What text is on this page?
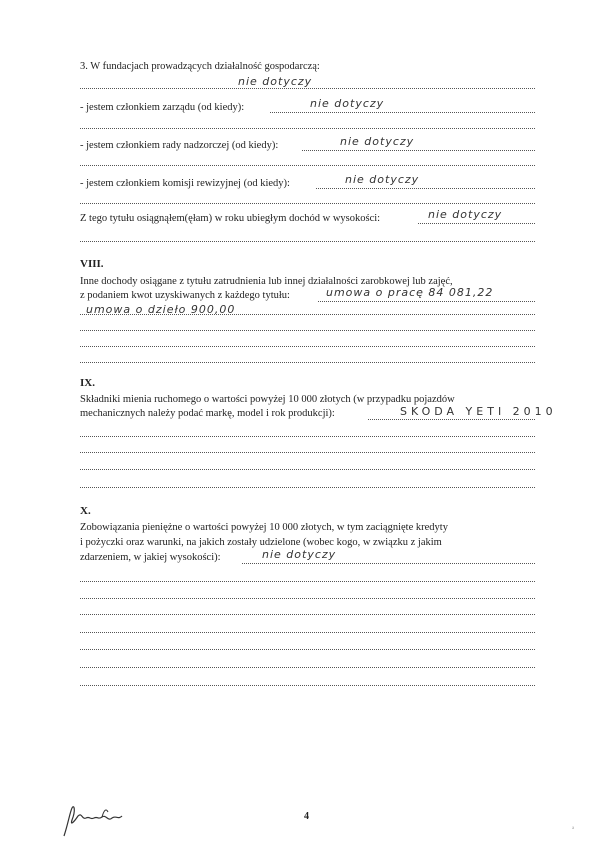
3. W fundacjach prowadzących działalność gospodarczą:
nie dotyczy
- jestem członkiem zarządu (od kiedy):	nie dotyczy
- jestem członkiem rady nadzorczej (od kiedy):	nie dotyczy
- jestem członkiem komisji rewizyjnej (od kiedy):	nie dotyczy
Z tego tytułu osiągnąłem(ęłam) w roku ubiegłym dochód w wysokości:	nie dotyczy
VIII.
Inne dochody osiągane z tytułu zatrudnienia lub innej działalności zarobkowej lub zajęć,
z podaniem kwot uzyskiwanych z każdego tytułu:	umowa o pracę 84 081,22
umowa o dzieło 900,00
IX.
Składniki mienia ruchomego o wartości powyżej 10 000 złotych (w przypadku pojazdów
mechanicznych należy podać markę, model i rok produkcji):	SKODA YETI 2010
X.
Zobowiązania pieniężne o wartości powyżej 10 000 złotych, w tym zaciągnięte kredyty
i pożyczki oraz warunki, na jakich zostały udzielone (wobec kogo, w związku z jakim
zdarzeniem, w jakiej wysokości):	nie dotyczy
4
ᵃ
